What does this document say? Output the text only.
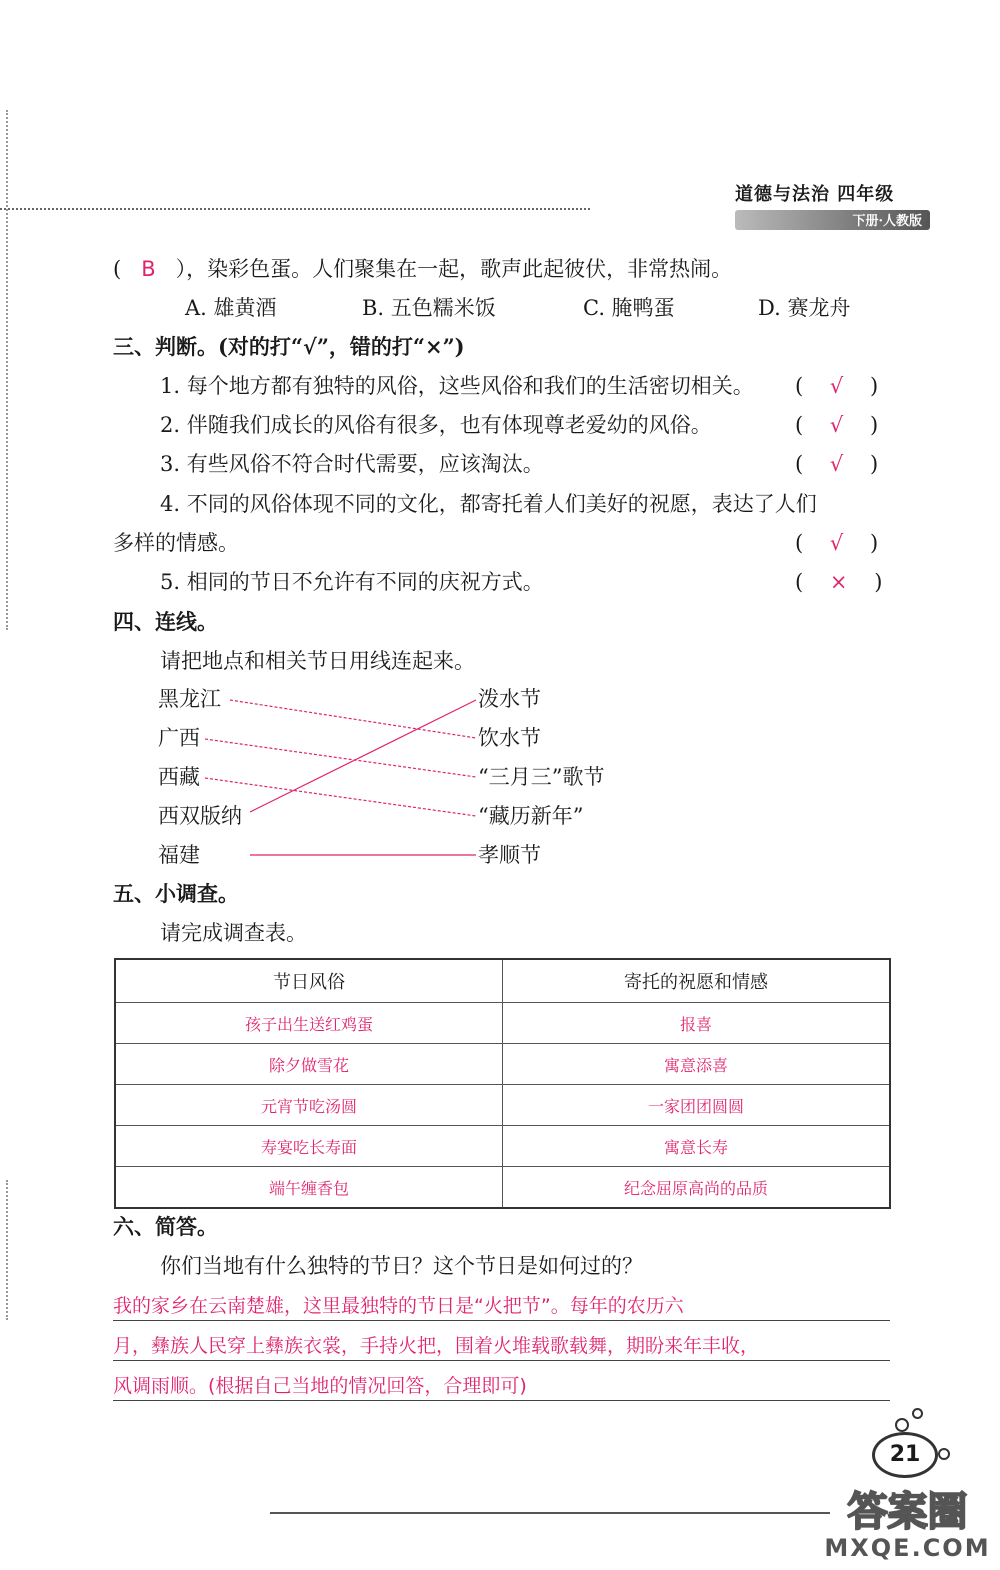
道德与法治 四年级
下册·人教版
(   B ），染彩色蛋。人们聚集在一起，歌声此起彼伏，非常热闹。
A. 雄黄酒	B. 五色糯米饭	C. 腌鸭蛋	D. 赛龙舟
三、判断。(对的打“√”，错的打“×”)
1. 每个地方都有独特的风俗，这些风俗和我们的生活密切相关。 (    √    )
2. 伴随我们成长的风俗有很多，也有体现尊老爱幼的风俗。	(    √    )
3. 有些风俗不符合时代需要，应该淘汰。	(    √    )
4. 不同的风俗体现不同的文化，都寄托着人们美好的祝愿，表达了人们
多样的情感。	(    √    )
5. 相同的节日不允许有不同的庆祝方式。	(    ×    )
四、连线。
请把地点和相关节日用线连起来。
黑龙江
广西
西藏
西双版纳
福建
泼水节
饮水节
“三月三”歌节
“藏历新年”
孝顺节
五、小调查。
请完成调查表。
节日风俗	寄托的祝愿和情感
孩子出生送红鸡蛋	报喜
除夕做雪花	寓意添喜
元宵节吃汤圆	一家团团圆圆
寿宴吃长寿面	寓意长寿
端午缠香包	纪念屈原高尚的品质
六、简答。
你们当地有什么独特的节日？这个节日是如何过的？
我的家乡在云南楚雄，这里最独特的节日是“火把节”。每年的农历六
月，彝族人民穿上彝族衣裳，手持火把，围着火堆载歌载舞，期盼来年丰收，
风调雨顺。(根据自己当地的情况回答，合理即可)
21
答案圈
MXQE.COM
